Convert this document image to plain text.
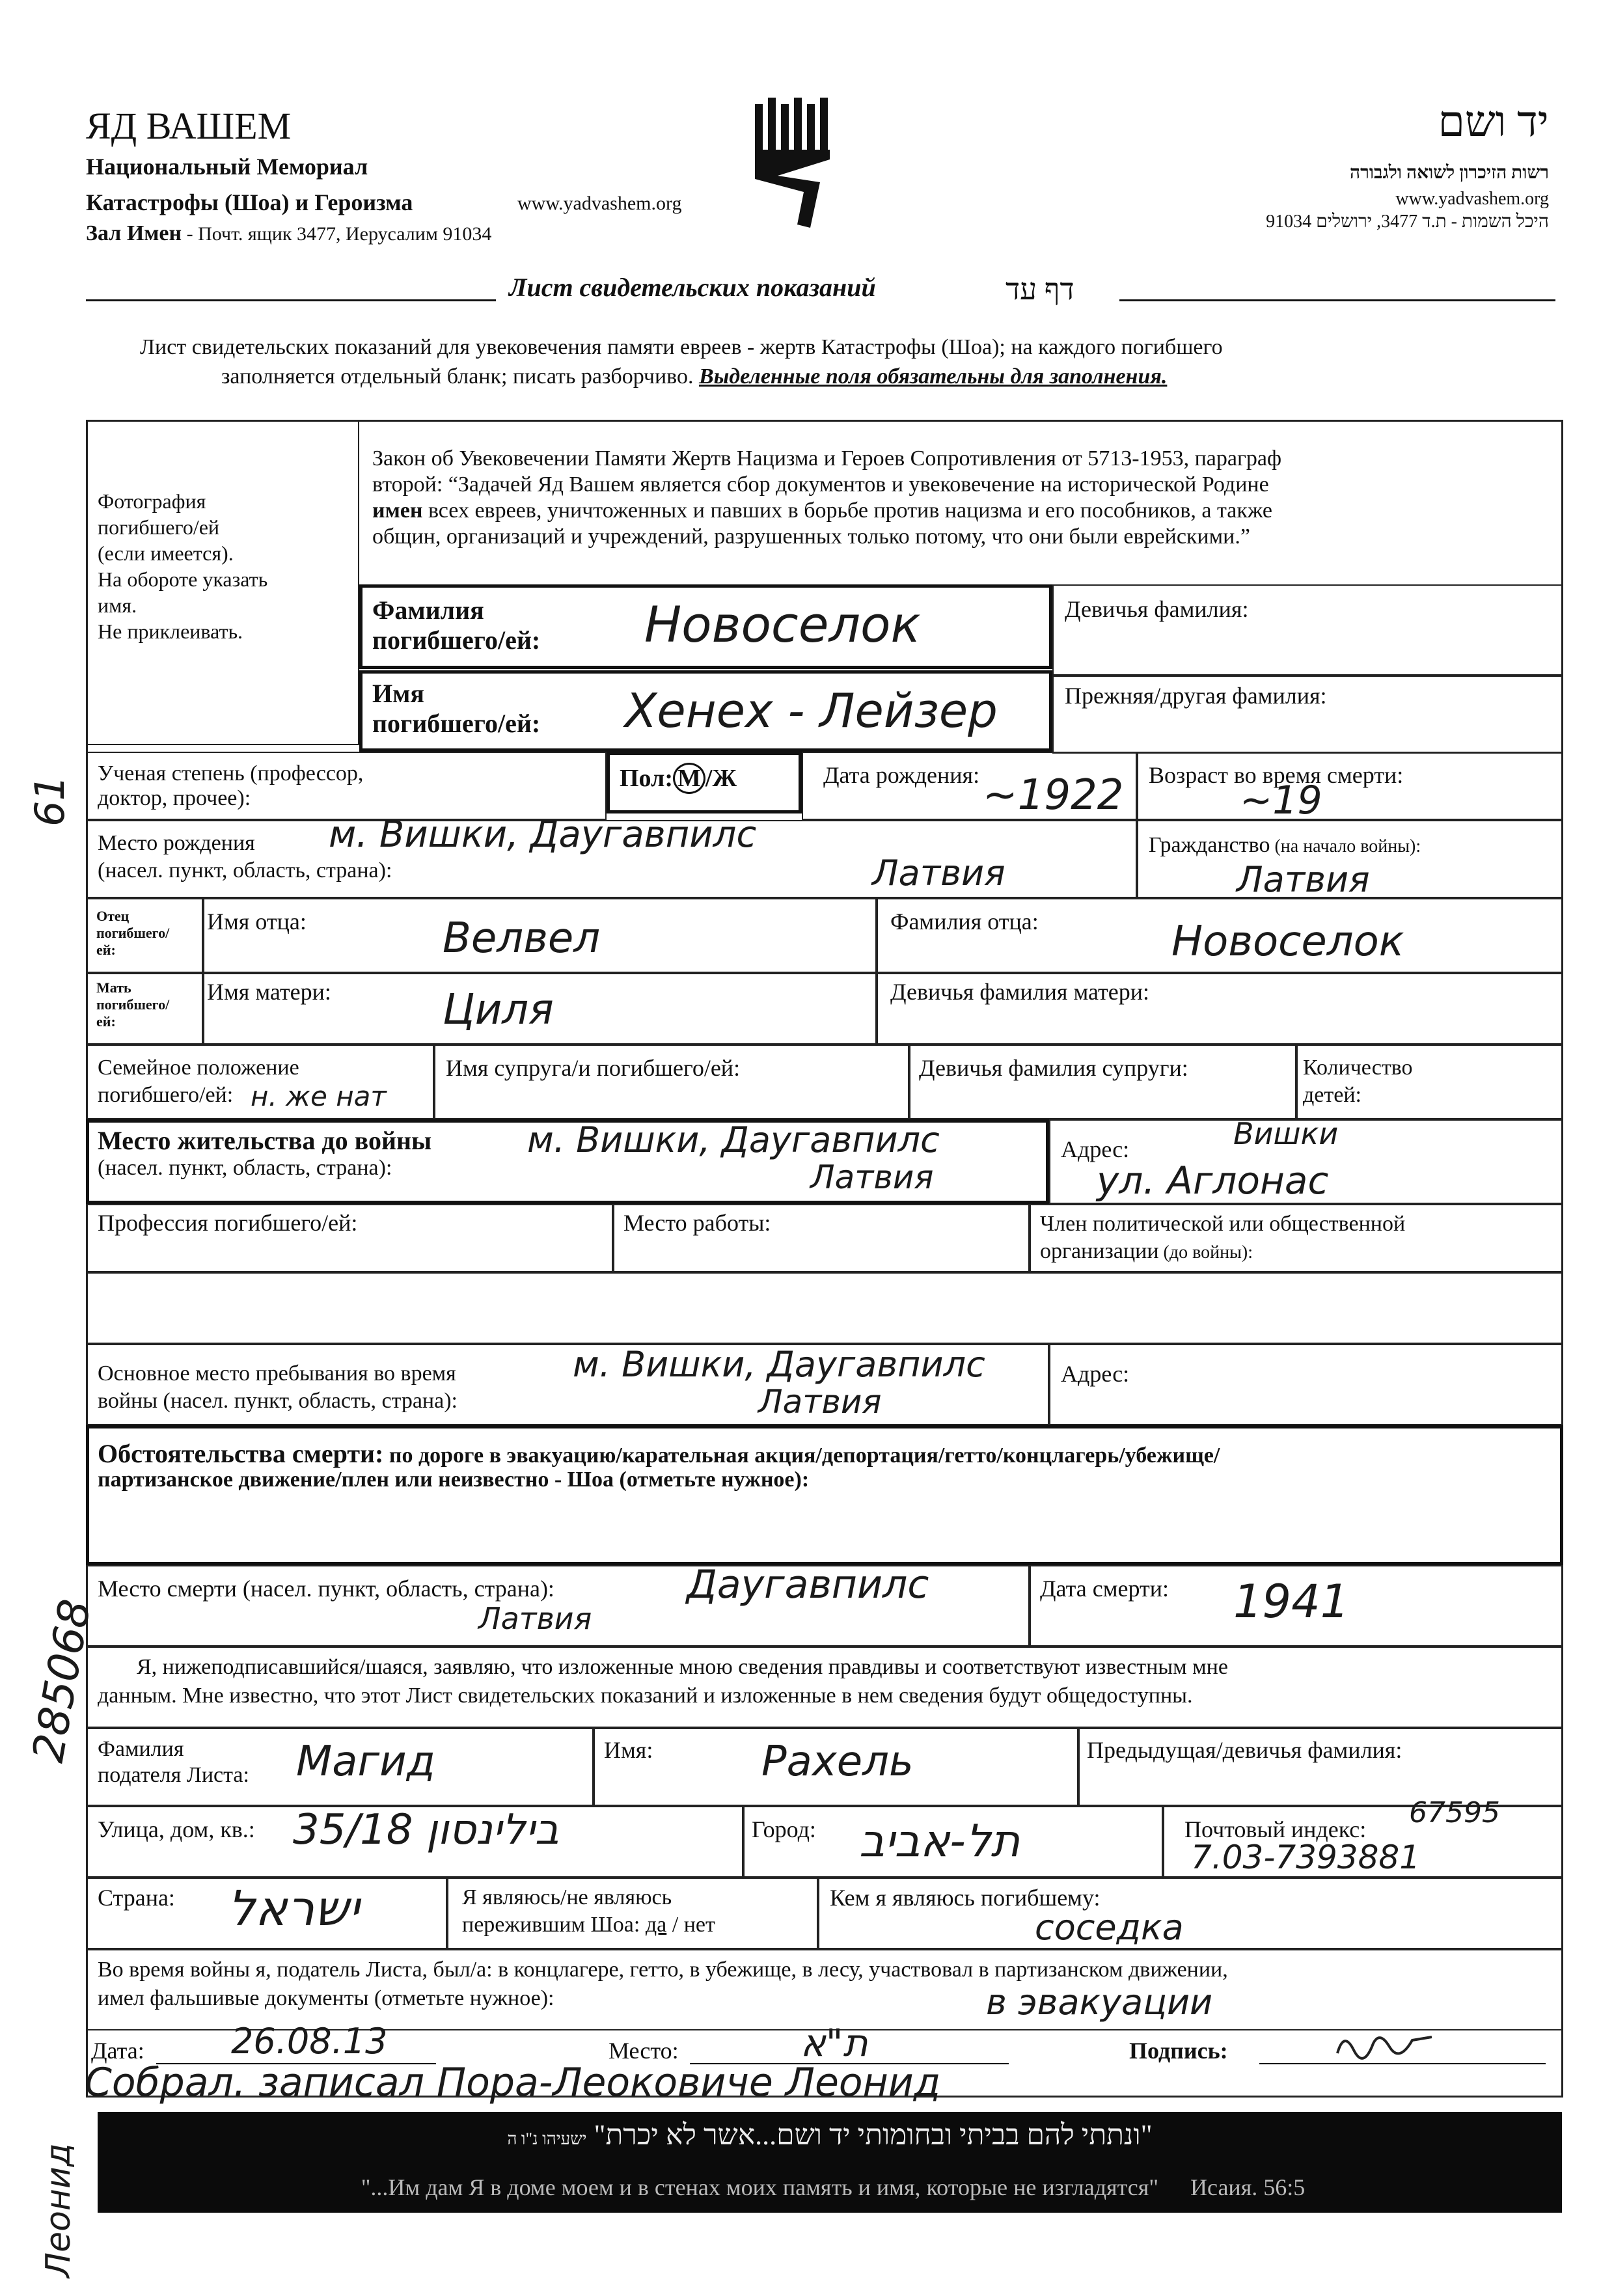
ЯД ВАШЕМ
Национальный Мемориал
Катастрофы (Шоа) и Героизма	www.yadvashem.org
Зал Имен - Почт. ящик 3477, Иерусалим 91034
יד ושם
רשות הזיכרון לשואה ולגבורה
www.yadvashem.org
היכל השמות - ת.ד 3477, ירושלים 91034
Лист свидетельских показаний	דף עד
Лист свидетельских показаний для увековечения памяти евреев - жертв Катастрофы (Шоа); на каждого погибшего
заполняется отдельный бланк; писать разборчиво. Выделенные поля обязательны для заполнения.
Фотография
погибшего/ей
(если имеется).
На обороте указать
имя.
Не приклеивать.
Закон об Увековечении Памяти Жертв Нацизма и Героев Сопротивления от 5713-1953, параграф
второй: “Задачей Яд Вашем является сбор документов и увековечение на исторической Родине
имен всех евреев, уничтоженных и павших в борьбе против нацизма и его пособников, а также
общин, организаций и учреждений, разрушенных только потому, что они были еврейскими.”
Фамилия
погибшего/ей: Новоселок	Девичья фамилия:
Имя
погибшего/ей: Хенех - Лейзер	Прежняя/другая фамилия:
Ученая степень (профессор,
доктор, прочее):
Пол: М /Ж	Дата рождения: ~1922 Возраст во время смерти:
~19
Место рождения
(насел. пункт, область, страна):
м. Вишки, Даугавпилс
Латвия
Гражданство (на начало войны):
Латвия
Отец
погибшего/
ей:
Имя отца:	Велвел	Фамилия отца:	Новоселок
Мать
погибшего/
ей:
Имя матери:	Циля	Девичья фамилия матери:
Семейное положение
погибшего/ей: н. же нат
Имя супруга/и погибшего/ей:	Девичья фамилия супруги:	Количество
детей:
Место жительства до войны
(насел. пункт, область, страна):
м. Вишки, Даугавпилс
Латвия
Адрес:	Вишки
ул. Аглонас
Профессия погибшего/ей:	Место работы:	Член политической или общественной
организации (до войны):
Основное место пребывания во время
войны (насел. пункт, область, страна):
м. Вишки, Даугавпилс
Латвия
Адрес:
Обстоятельства смерти: по дороге в эвакуацию/карательная акция/депортация/гетто/концлагерь/убежище/
партизанское движение/плен или неизвестно - Шоа (отметьте нужное):
Место смерти (насел. пункт, область, страна):	Даугавпилс
Латвия
Дата смерти: 1941
Я, нижеподписавшийся/шаяся, заявляю, что изложенные мною сведения правдивы и соответствуют известным мне
данным. Мне известно, что этот Лист свидетельских показаний и изложенные в нем сведения будут общедоступны.
Фамилия
подателя Листа: Магид	Имя:	Рахель	Предыдущая/девичья фамилия:
Улица, дом, кв.: 35/18 בילינסון	Город: תל-אביב	Почтовый индекс: 67595
7.03-7393881
Страна: ישראל	Я являюсь/не являюсь
пережившим Шоа: да / нет
Кем я являюсь погибшему:
соседка
Во время войны я, податель Листа, был/а: в концлагере, гетто, в убежище, в лесу, участвовал в партизанском движении,
имел фальшивые документы (отметьте нужное):	в эвакуации
Дата: 26.08.13	Место:	ת"א	Подпись:
Собрал. записал Пора-Леоковиче Леонид
"ונתתי להם בביתי ובחומותי יד ושם...אשר לא יכרת" ישעיהו נ"ו ה
"...Им дам Я в доме моем и в стенах моих память и имя, которые не изгладятся" Исаия. 56:5
61
285068
Леонид
